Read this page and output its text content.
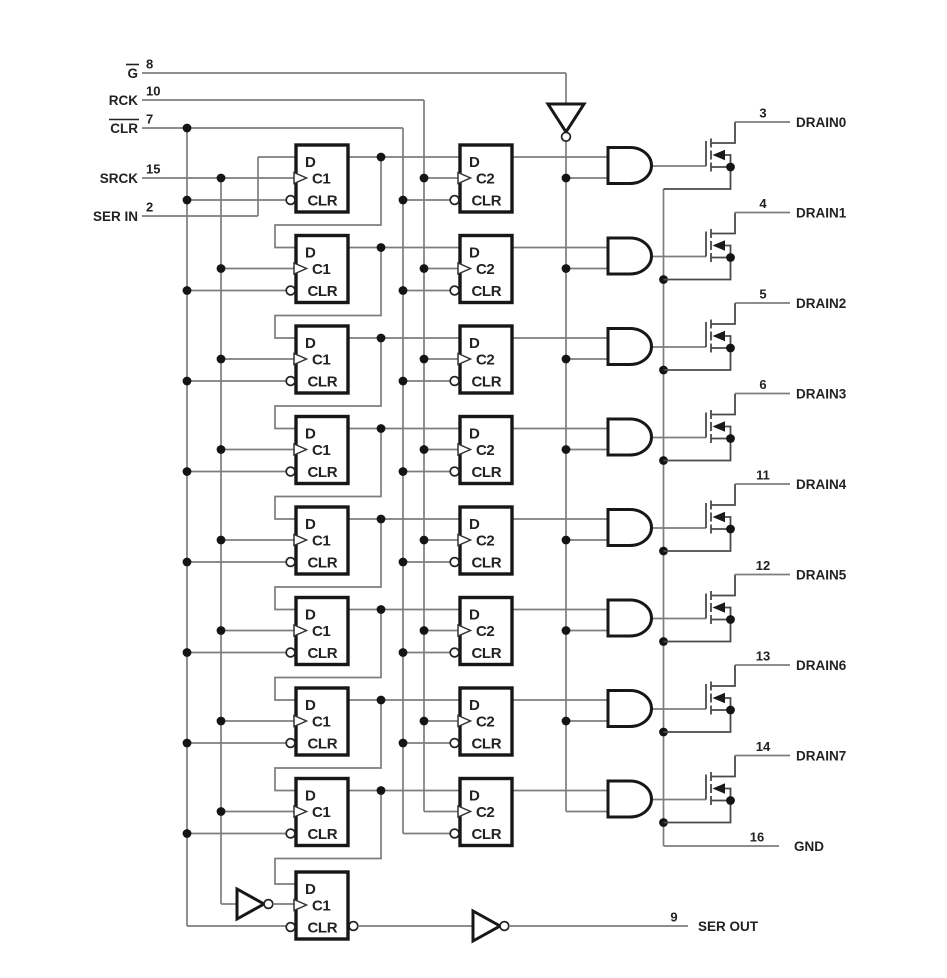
G
8
RCK
10
CLR
7
SRCK
15
SER IN
2
D
C1
CLR
D
C2
CLR
3
DRAIN0
D
C1
CLR
D
C2
CLR
4
DRAIN1
D
C1
CLR
D
C2
CLR
5
DRAIN2
D
C1
CLR
D
C2
CLR
6
DRAIN3
D
C1
CLR
D
C2
CLR
11
DRAIN4
D
C1
CLR
D
C2
CLR
12
DRAIN5
D
C1
CLR
D
C2
CLR
13
DRAIN6
D
C1
CLR
D
C2
CLR
14
DRAIN7
16
GND
9
SER OUT
D
C1
CLR
